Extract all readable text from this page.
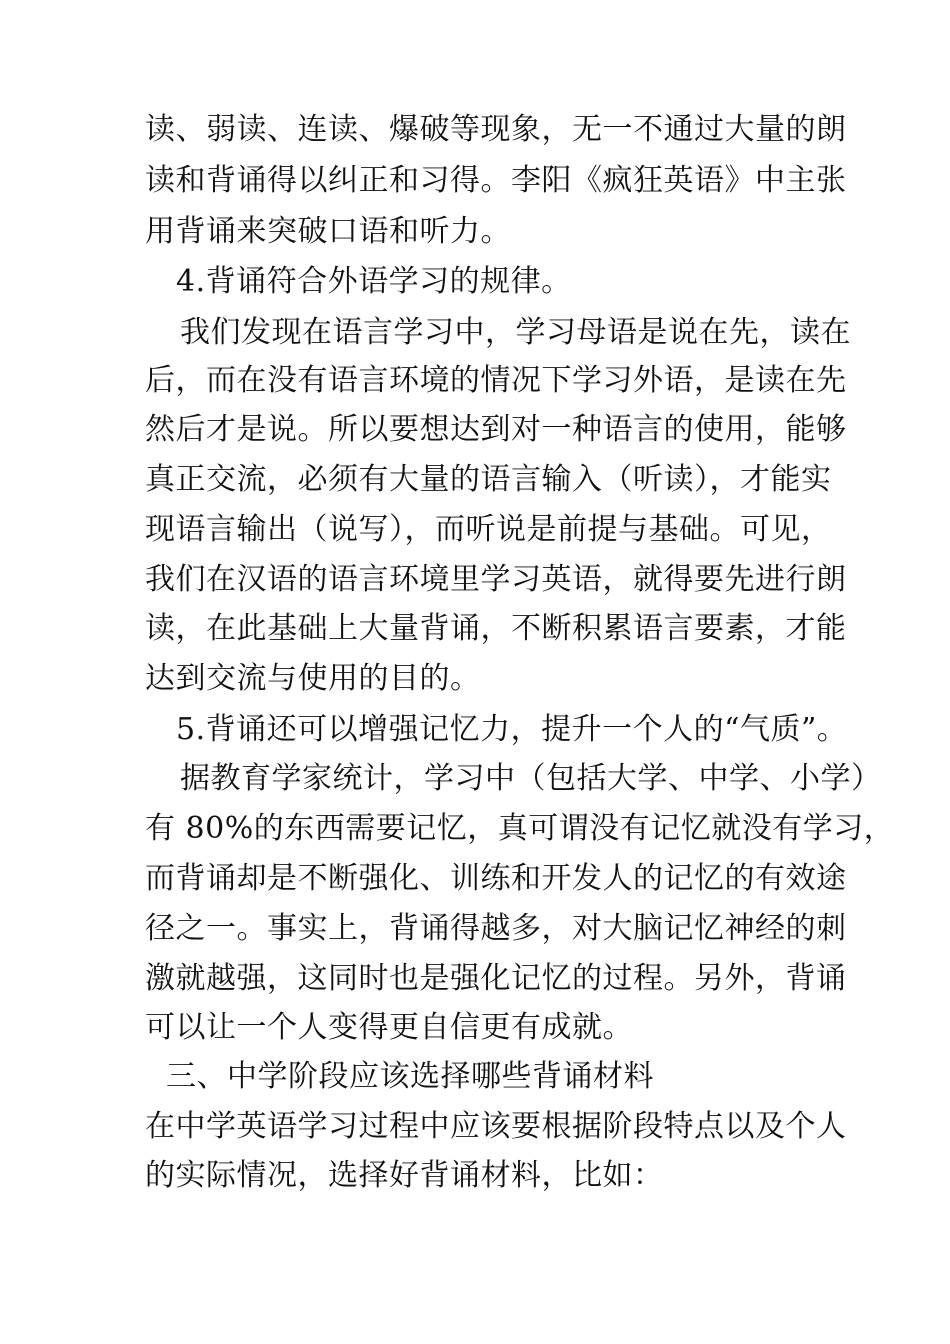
读、弱读、连读、爆破等现象，无一不通过大量的朗
读和背诵得以纠正和习得。李阳《疯狂英语》中主张
用背诵来突破口语和听力。
4.背诵符合外语学习的规律。
我们发现在语言学习中，学习母语是说在先，读在
后，而在没有语言环境的情况下学习外语，是读在先
然后才是说。所以要想达到对一种语言的使用，能够
真正交流，必须有大量的语言输入（听读），才能实
现语言输出（说写），而听说是前提与基础。可见，
我们在汉语的语言环境里学习英语，就得要先进行朗
读，在此基础上大量背诵，不断积累语言要素，才能
达到交流与使用的目的。
5.背诵还可以增强记忆力，提升一个人的“气质”。
据教育学家统计，学习中（包括大学、中学、小学）
有 80%的东西需要记忆，真可谓没有记忆就没有学习，
而背诵却是不断强化、训练和开发人的记忆的有效途
径之一。事实上，背诵得越多，对大脑记忆神经的刺
激就越强，这同时也是强化记忆的过程。另外，背诵
可以让一个人变得更自信更有成就。
三、中学阶段应该选择哪些背诵材料
在中学英语学习过程中应该要根据阶段特点以及个人
的实际情况，选择好背诵材料，比如：
